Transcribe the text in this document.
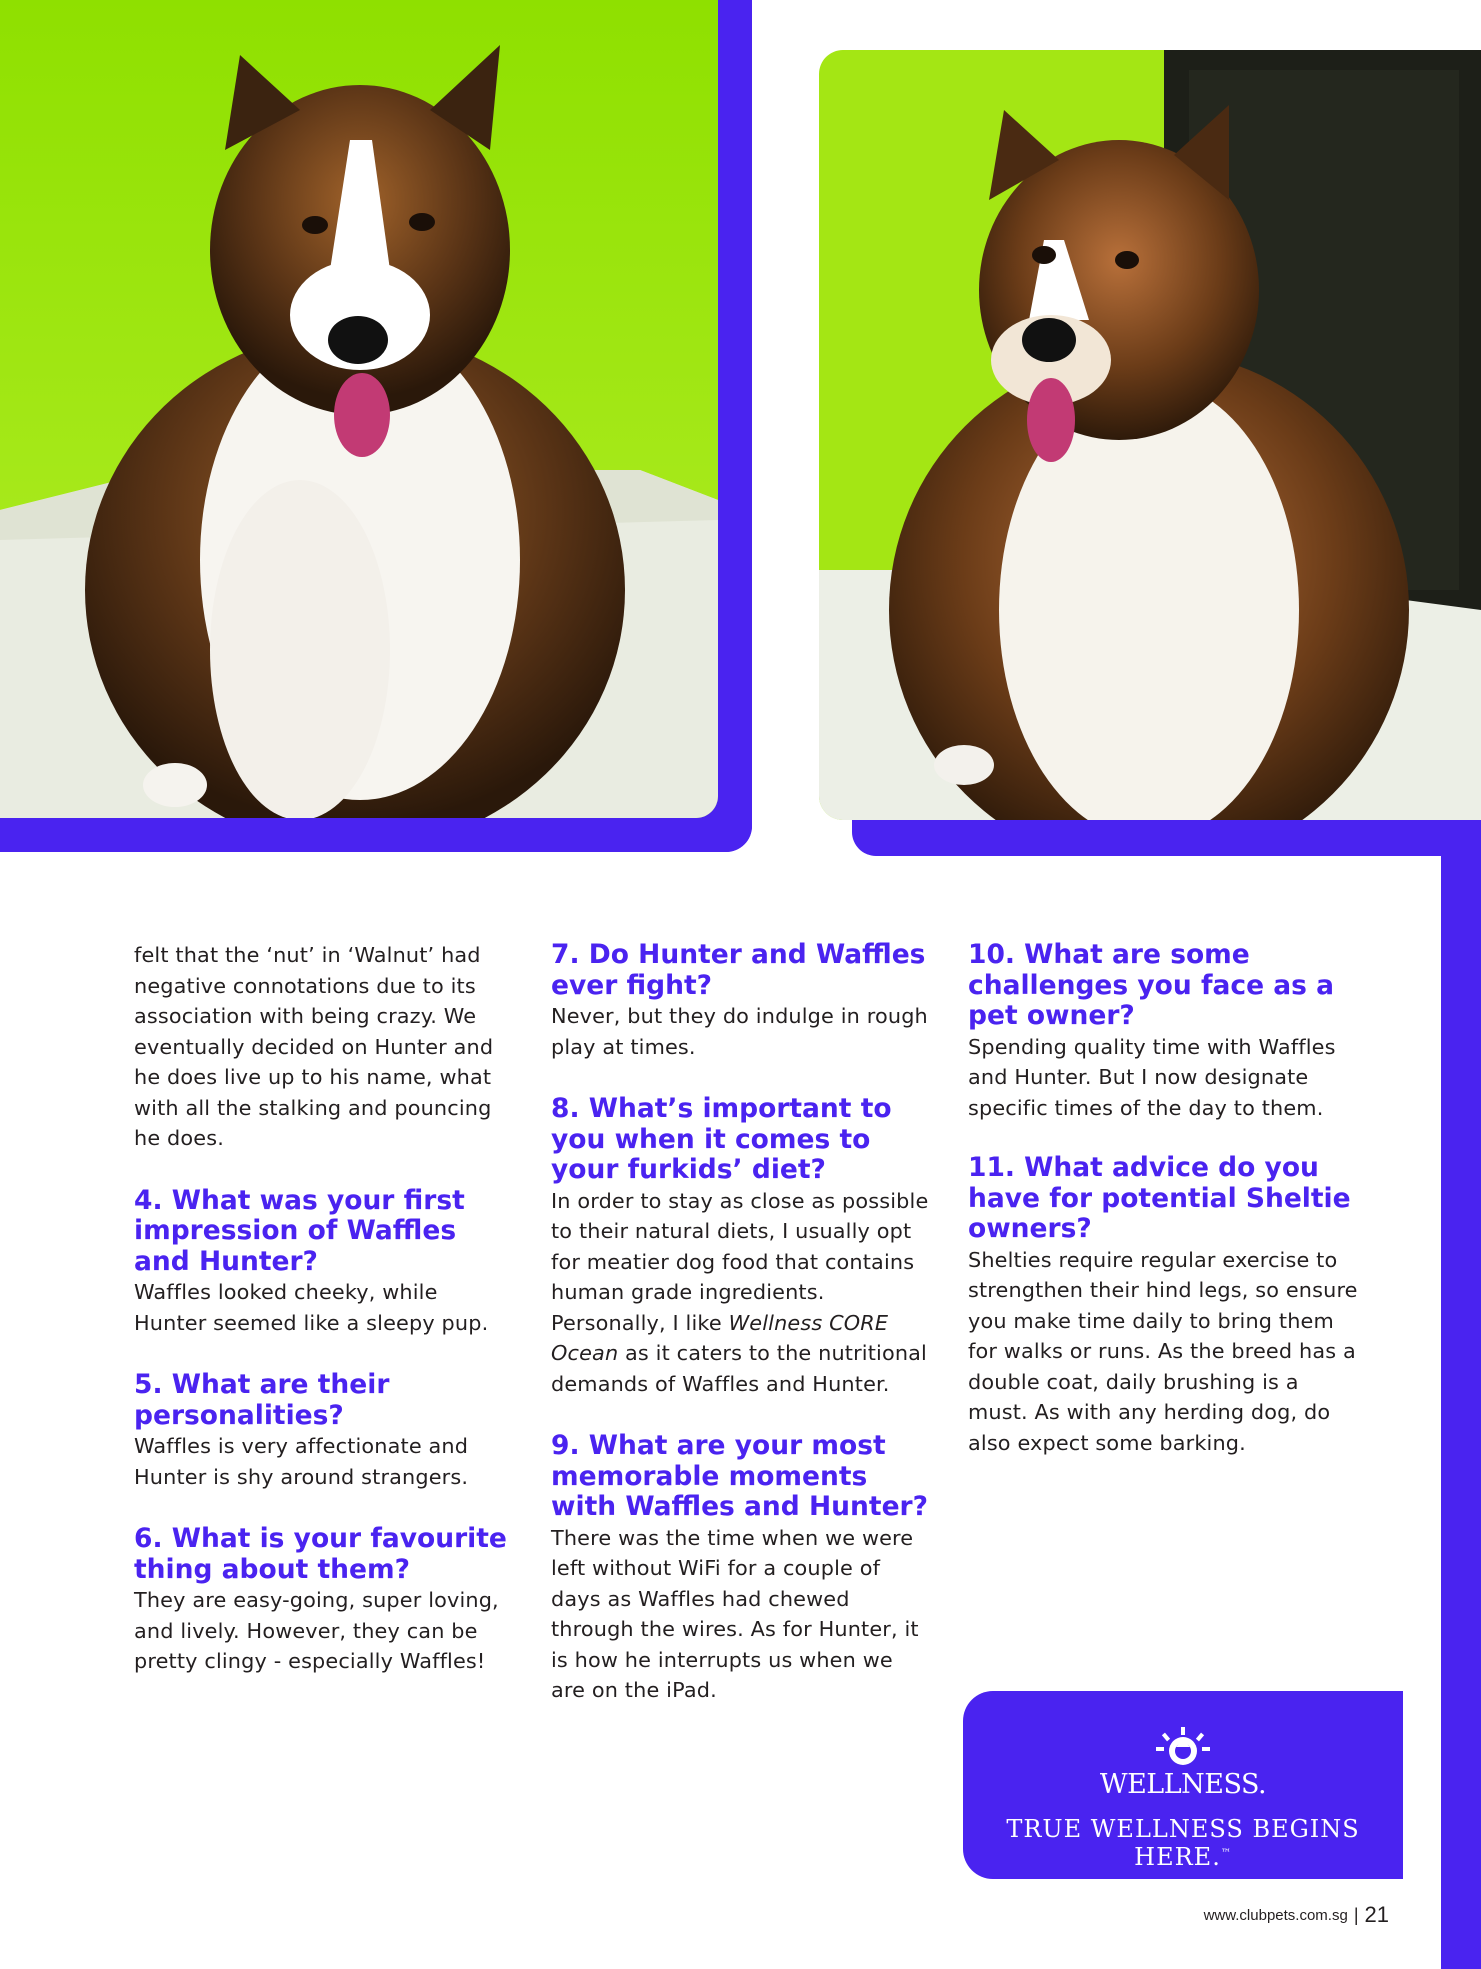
felt that the ‘nut’ in ‘Walnut’ had negative connotations due to its association with being crazy. We eventually decided on Hunter and he does live up to his name, what with all the stalking and pouncing he does.

4. What was your first impression of Waffles and Hunter?

Waffles looked cheeky, while Hunter seemed like a sleepy pup.

5. What are their personalities?

Waffles is very affectionate and Hunter is shy around strangers.

6. What is your favourite thing about them?

They are easy-going, super loving, and lively. However, they can be pretty clingy - especially Waffles!

7. Do Hunter and Waffles ever fight?

Never, but they do indulge in rough play at times.

8. What’s important to you when it comes to your furkids’ diet?

In order to stay as close as possible to their natural diets, I usually opt for meatier dog food that contains human grade ingredients. Personally, I like Wellness CORE Ocean as it caters to the nutritional demands of Waffles and Hunter.

9. What are your most memorable moments with Waffles and Hunter?

There was the time when we were left without WiFi for a couple of days as Waffles had chewed through the wires. As for Hunter, it is how he interrupts us when we are on the iPad.

10. What are some challenges you face as a pet owner?

Spending quality time with Waffles and Hunter. But I now designate specific times of the day to them.

11. What advice do you have for potential Sheltie owners?

Shelties require regular exercise to strengthen their hind legs, so ensure you make time daily to bring them for walks or runs. As the breed has a double coat, daily brushing is a must. As with any herding dog, do also expect some barking.

WELLNESS.
TRUE WELLNESS BEGINS HERE.™
www.clubpets.com.sg | 21
